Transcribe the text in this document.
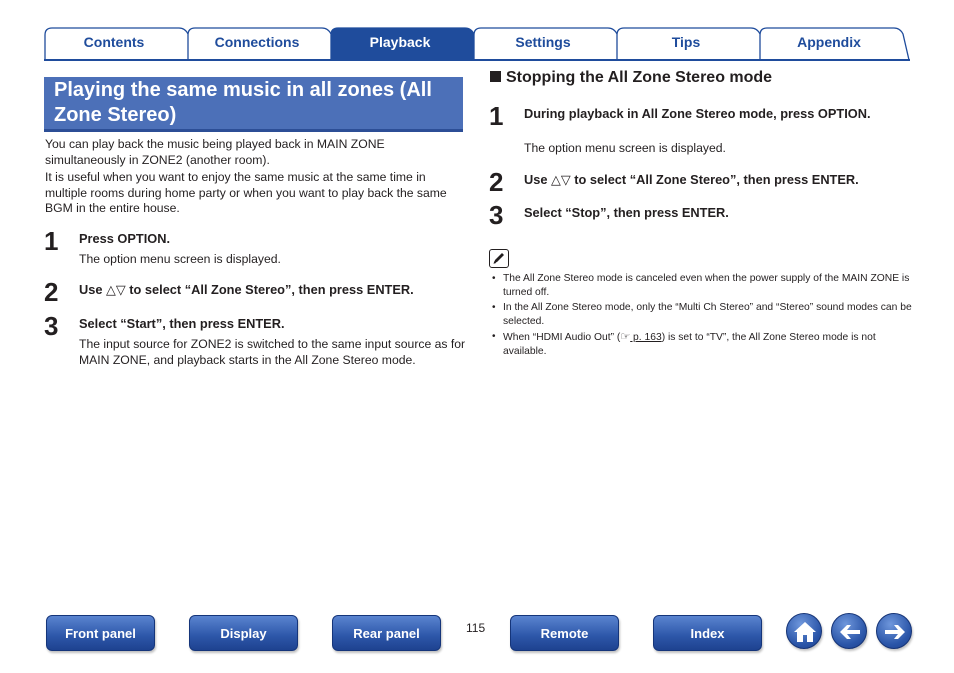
Contents	Connections	Playback	Settings	Tips	Appendix
Playing the same music in all zones (All Zone Stereo)

You can play back the music being played back in MAIN ZONE simultaneously in ZONE2 (another room).

It is useful when you want to enjoy the same music at the same time in multiple rooms during home party or when you want to play back the same BGM in the entire house.

1 Press OPTION.
The option menu screen is displayed.
2 Use △▽ to select “All Zone Stereo”, then press ENTER.
3 Select “Start”, then press ENTER.
The input source for ZONE2 is switched to the same input source as for MAIN ZONE, and playback starts in the All Zone Stereo mode.
Stopping the All Zone Stereo mode
1 During playback in All Zone Stereo mode, press OPTION.
The option menu screen is displayed.
2 Use △▽ to select “All Zone Stereo”, then press ENTER.
3 Select “Stop”, then press ENTER.
• The All Zone Stereo mode is canceled even when the power supply of the MAIN ZONE is turned off.
• In the All Zone Stereo mode, only the “Multi Ch Stereo” and “Stereo” sound modes can be selected.
• When “HDMI Audio Out” (☞ p. 163) is set to “TV”, the All Zone Stereo mode is not available.
Front panel	Display	Rear panel	115	Remote	Index
